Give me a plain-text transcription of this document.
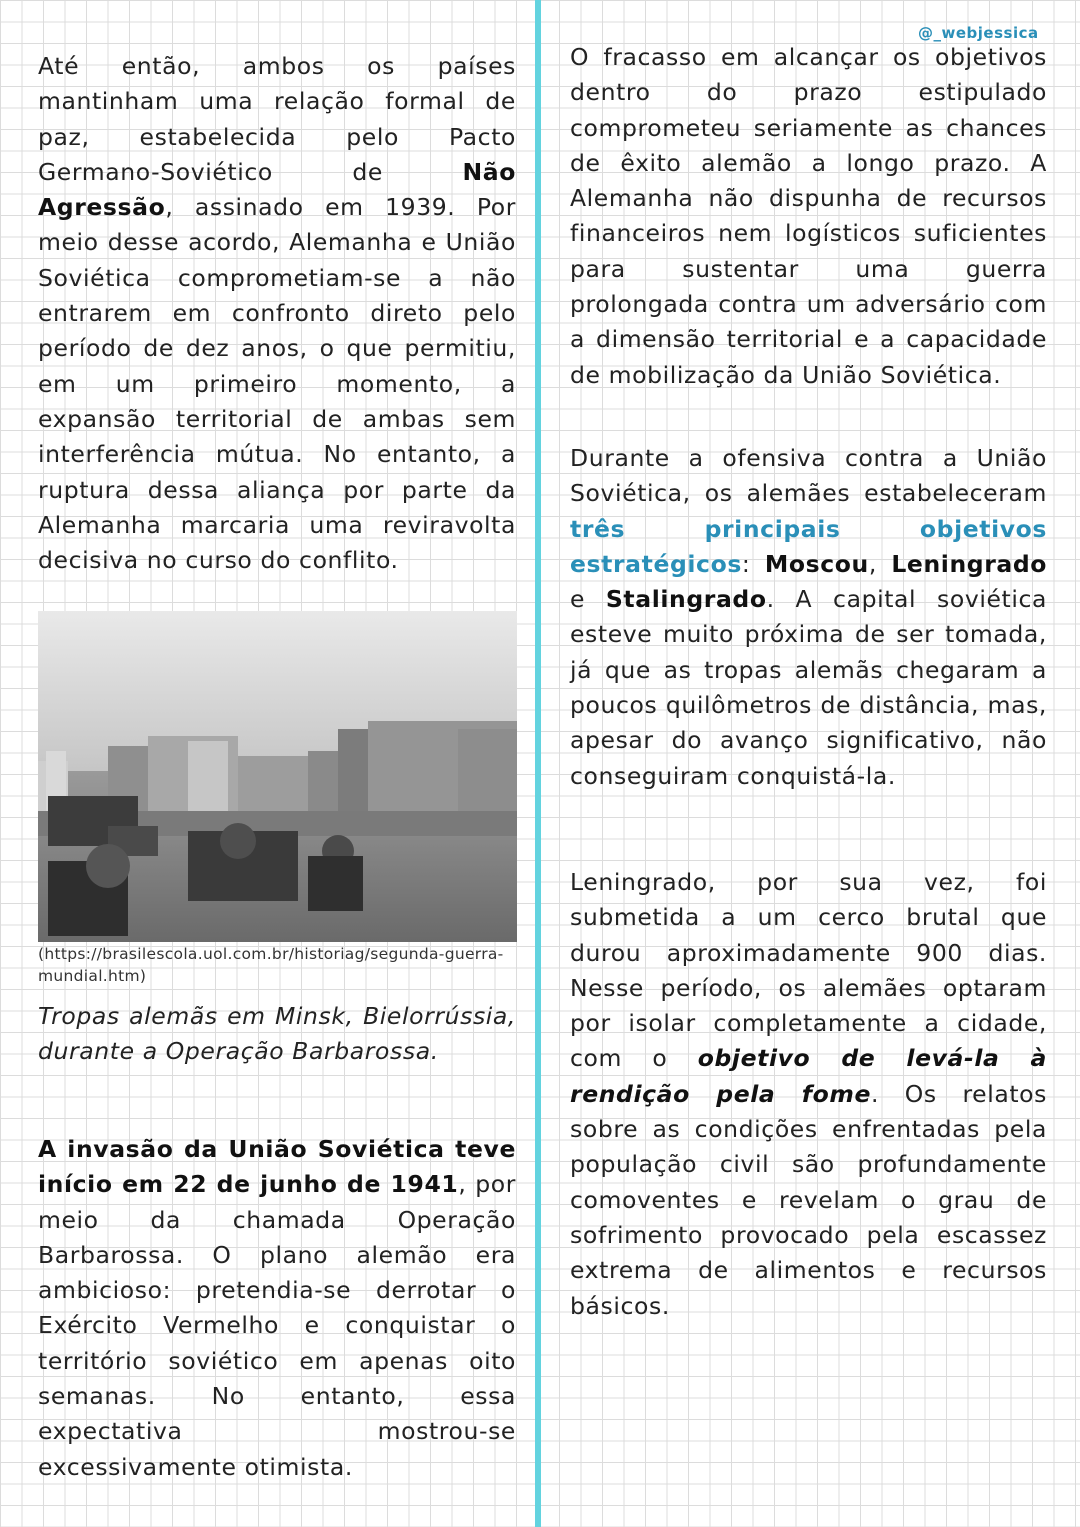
@_webjessica

Até então, ambos os países mantinham uma relação formal de paz, estabelecida pelo Pacto Germano-Soviético de Não Agressão, assinado em 1939. Por meio desse acordo, Alemanha e União Soviética comprometiam-se a não entrarem em confronto direto pelo período de dez anos, o que permitiu, em um primeiro momento, a expansão territorial de ambas sem interferência mútua. No entanto, a ruptura dessa aliança por parte da Alemanha marcaria uma reviravolta decisiva no curso do conflito.

(https://brasilescola.uol.com.br/historiag/segunda-guerra-mundial.htm)

Tropas alemãs em Minsk, Bielorrússia, durante a Operação Barbarossa.

A invasão da União Soviética teve início em 22 de junho de 1941, por meio da chamada Operação Barbarossa. O plano alemão era ambicioso: pretendia-se derrotar o Exército Vermelho e conquistar o território soviético em apenas oito semanas. No entanto, essa expectativa mostrou-se excessivamente otimista.

O fracasso em alcançar os objetivos dentro do prazo estipulado comprometeu seriamente as chances de êxito alemão a longo prazo. A Alemanha não dispunha de recursos financeiros nem logísticos suficientes para sustentar uma guerra prolongada contra um adversário com a dimensão territorial e a capacidade de mobilização da União Soviética.

Durante a ofensiva contra a União Soviética, os alemães estabeleceram três principais objetivos estratégicos: Moscou, Leningrado e Stalingrado. A capital soviética esteve muito próxima de ser tomada, já que as tropas alemãs chegaram a poucos quilômetros de distância, mas, apesar do avanço significativo, não conseguiram conquistá-la.

Leningrado, por sua vez, foi submetida a um cerco brutal que durou aproximadamente 900 dias. Nesse período, os alemães optaram por isolar completamente a cidade, com o objetivo de levá-la à rendição pela fome. Os relatos sobre as condições enfrentadas pela população civil são profundamente comoventes e revelam o grau de sofrimento provocado pela escassez extrema de alimentos e recursos básicos.
